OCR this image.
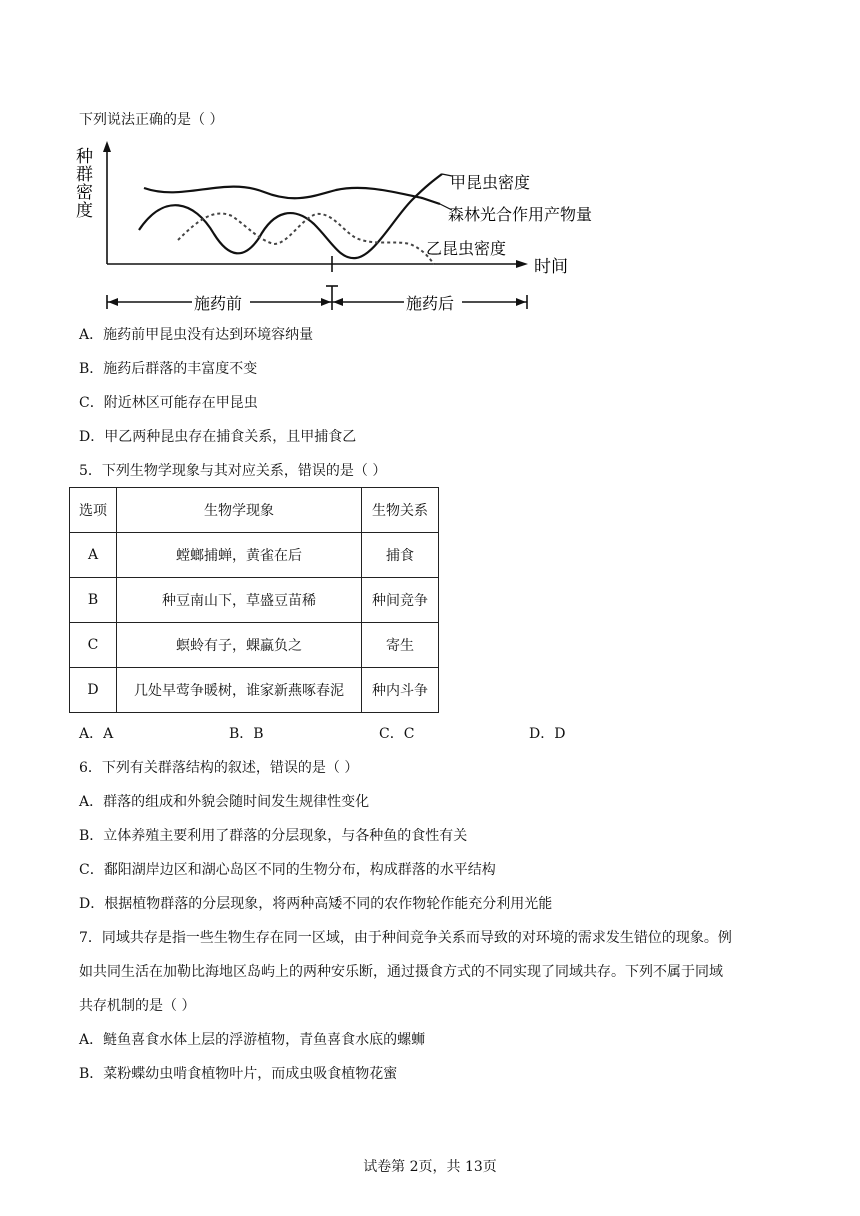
下列说法正确的是（ ）
种
群
密
度
时间
甲昆虫密度
森林光合作用产物量
乙昆虫密度
施药前	施药后
A．施药前甲昆虫没有达到环境容纳量
B．施药后群落的丰富度不变
C．附近林区可能存在甲昆虫
D．甲乙两种昆虫存在捕食关系，且甲捕食乙
5．下列生物学现象与其对应关系，错误的是（ ）
选项	生物学现象	生物关系
A	螳螂捕蝉，黄雀在后	捕食
B	种豆南山下，草盛豆苗稀	种间竞争
C	螟蛉有子，蜾蠃负之	寄生
D	几处早莺争暖树，谁家新燕啄春泥	种内斗争
A．A	B．B	C．C	D．D
6．下列有关群落结构的叙述，错误的是（ ）
A．群落的组成和外貌会随时间发生规律性变化
B．立体养殖主要利用了群落的分层现象，与各种鱼的食性有关
C．鄱阳湖岸边区和湖心岛区不同的生物分布，构成群落的水平结构
D．根据植物群落的分层现象，将两种高矮不同的农作物轮作能充分利用光能
7．同域共存是指一些生物生存在同一区域，由于种间竞争关系而导致的对环境的需求发生错位的现象。例
如共同生活在加勒比海地区岛屿上的两种安乐断，通过摄食方式的不同实现了同域共存。下列不属于同域
共存机制的是（ ）
A．鲢鱼喜食水体上层的浮游植物，青鱼喜食水底的螺蛳
B．菜粉蝶幼虫啃食植物叶片，而成虫吸食植物花蜜
试卷第 2页，共 13页
